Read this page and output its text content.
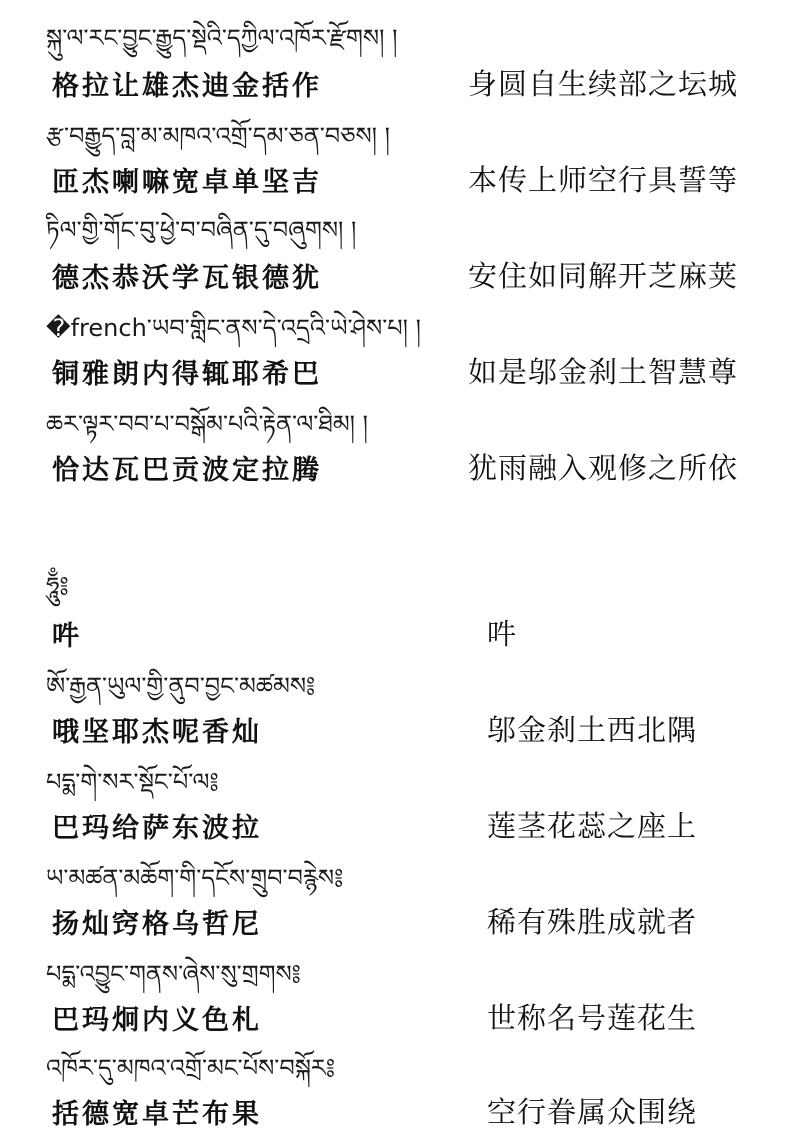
སྐུ་ལ་རང་བྱུང་རྒྱུད་སྡེའི་དཀྱིལ་འཁོར་རྫོགས། །
格拉让雄杰迪金括作	身圆自生续部之坛城
རྩ་བརྒྱུད་བླ་མ་མཁའ་འགྲོ་དམ་ཅན་བཅས། །
匝杰喇嘛宽卓单坚吉	本传上师空行具誓等
ཏིལ་གྱི་གོང་བུ་ཕྱེ་བ་བཞིན་དུ་བཞུགས། །
德杰恭沃学瓦银德犹	安住如同解开芝麻荚
�french་ཡབ་གླིང་ནས་དེ་འདྲའི་ཡེ་ཤེས་པ། །
铜雅朗内得辄耶希巴	如是邬金刹土智慧尊
ཆར་ལྟར་བབ་པ་བསྒོམ་པའི་རྟེན་ལ་ཐིམ། །
恰达瓦巴贡波定拉腾	犹雨融入观修之所依
ཧཱུྃ༔
吽	吽
ཨོ་རྒྱན་ཡུལ་གྱི་ནུབ་བྱང་མཚམས༔
哦坚耶杰呢香灿	邬金刹土西北隅
པདྨ་གེ་སར་སྡོང་པོ་ལ༔
巴玛给萨东波拉	莲茎花蕊之座上
ཡ་མཚན་མཆོག་གི་དངོས་གྲུབ་བརྙེས༔
扬灿窍格乌哲尼	稀有殊胜成就者
པདྨ་འབྱུང་གནས་ཞེས་སུ་གྲགས༔
巴玛炯内义色札	世称名号莲花生
འཁོར་དུ་མཁའ་འགྲོ་མང་པོས་བསྐོར༔
括德宽卓芒布果	空行眷属众围绕
